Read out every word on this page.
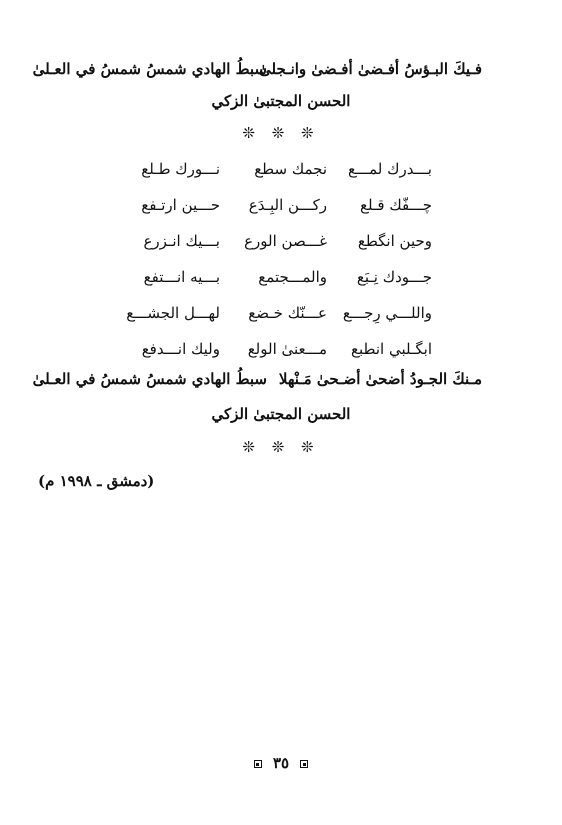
فـيكَ البـؤسُ أفـضىٰ أفـضىٰ وانـجلىٰ
سبطُ الهادي شمسُ شمسُ في العـلىٰ
الحسن المجتبىٰ الزكي
❊ ❊ ❊
بـــدرك لمـــع
نجمك سطع
نـــورك طـلع
چـــفّك قـلع
ركـــن البِـدَع
حـــين ارتـفع
وحين انگطع
غـــصن الورع
بـــيك انـزرع
جـــودك نِـبَع
والمـــجتمع
بـــيه انـــتفع
واللـــي رِجـــع
عـــنّك خـضع
لهـــل الجشـــع
ابگـلبي انطبع
مـــعنىٰ الولع
وليك انـــدفع
مـنكَ الجـودُ أضحىٰ أضـحىٰ مَـنْهلا
سبطُ الهادي شمسُ شمسُ في العـلىٰ
الحسن المجتبىٰ الزكي
❊ ❊ ❊
(دمشق ـ ١٩٩٨ م)
٣٥
